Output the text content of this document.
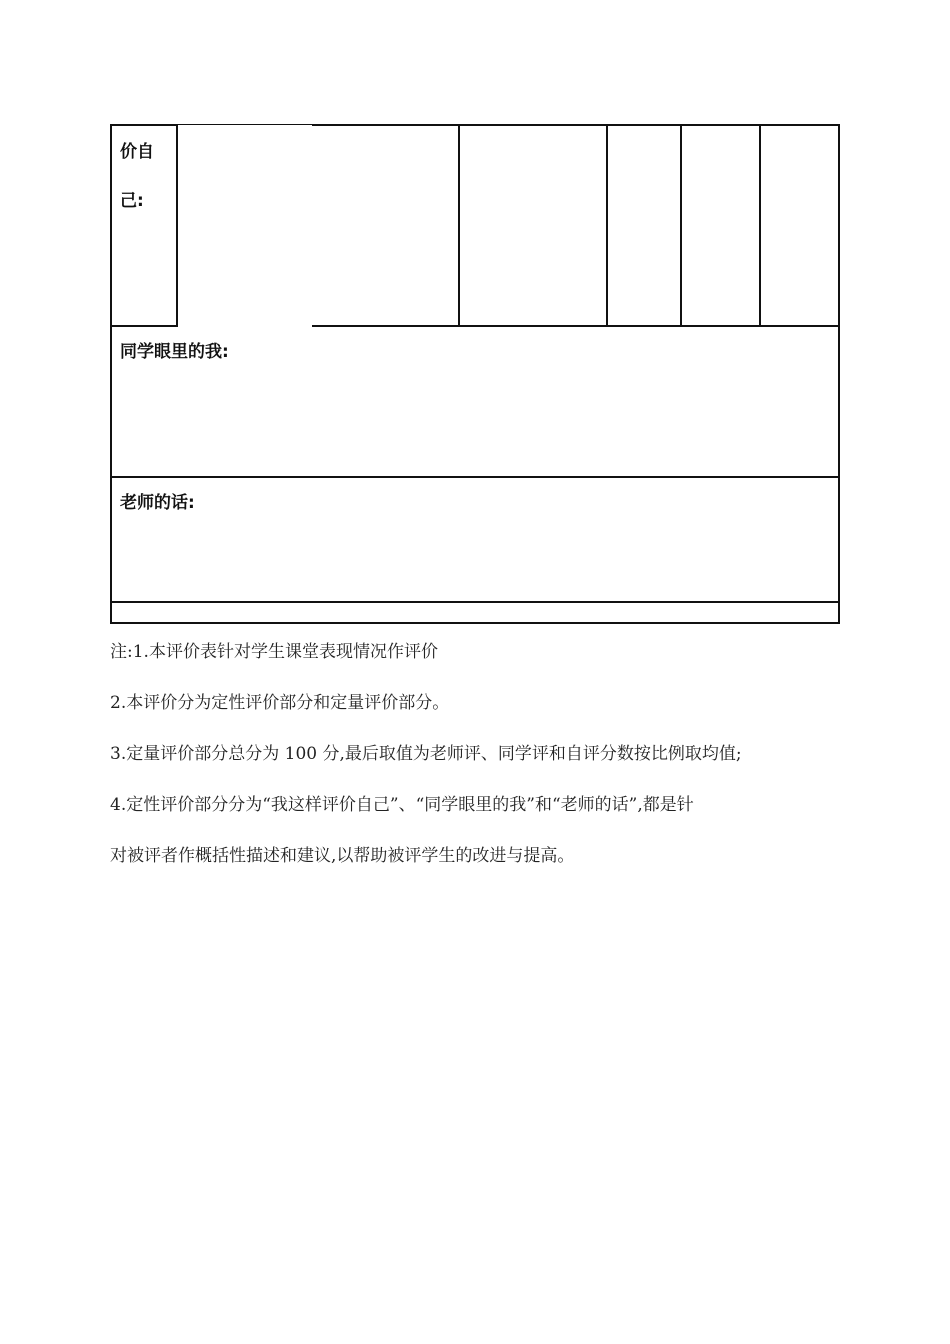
价自
己:
同学眼里的我:
老师的话:
注:1.本评价表针对学生课堂表现情况作评价
2.本评价分为定性评价部分和定量评价部分。
3.定量评价部分总分为 100 分,最后取值为老师评、同学评和自评分数按比例取均值;
4.定性评价部分分为“我这样评价自己”、“同学眼里的我”和“老师的话”,都是针
对被评者作概括性描述和建议,以帮助被评学生的改进与提高。
